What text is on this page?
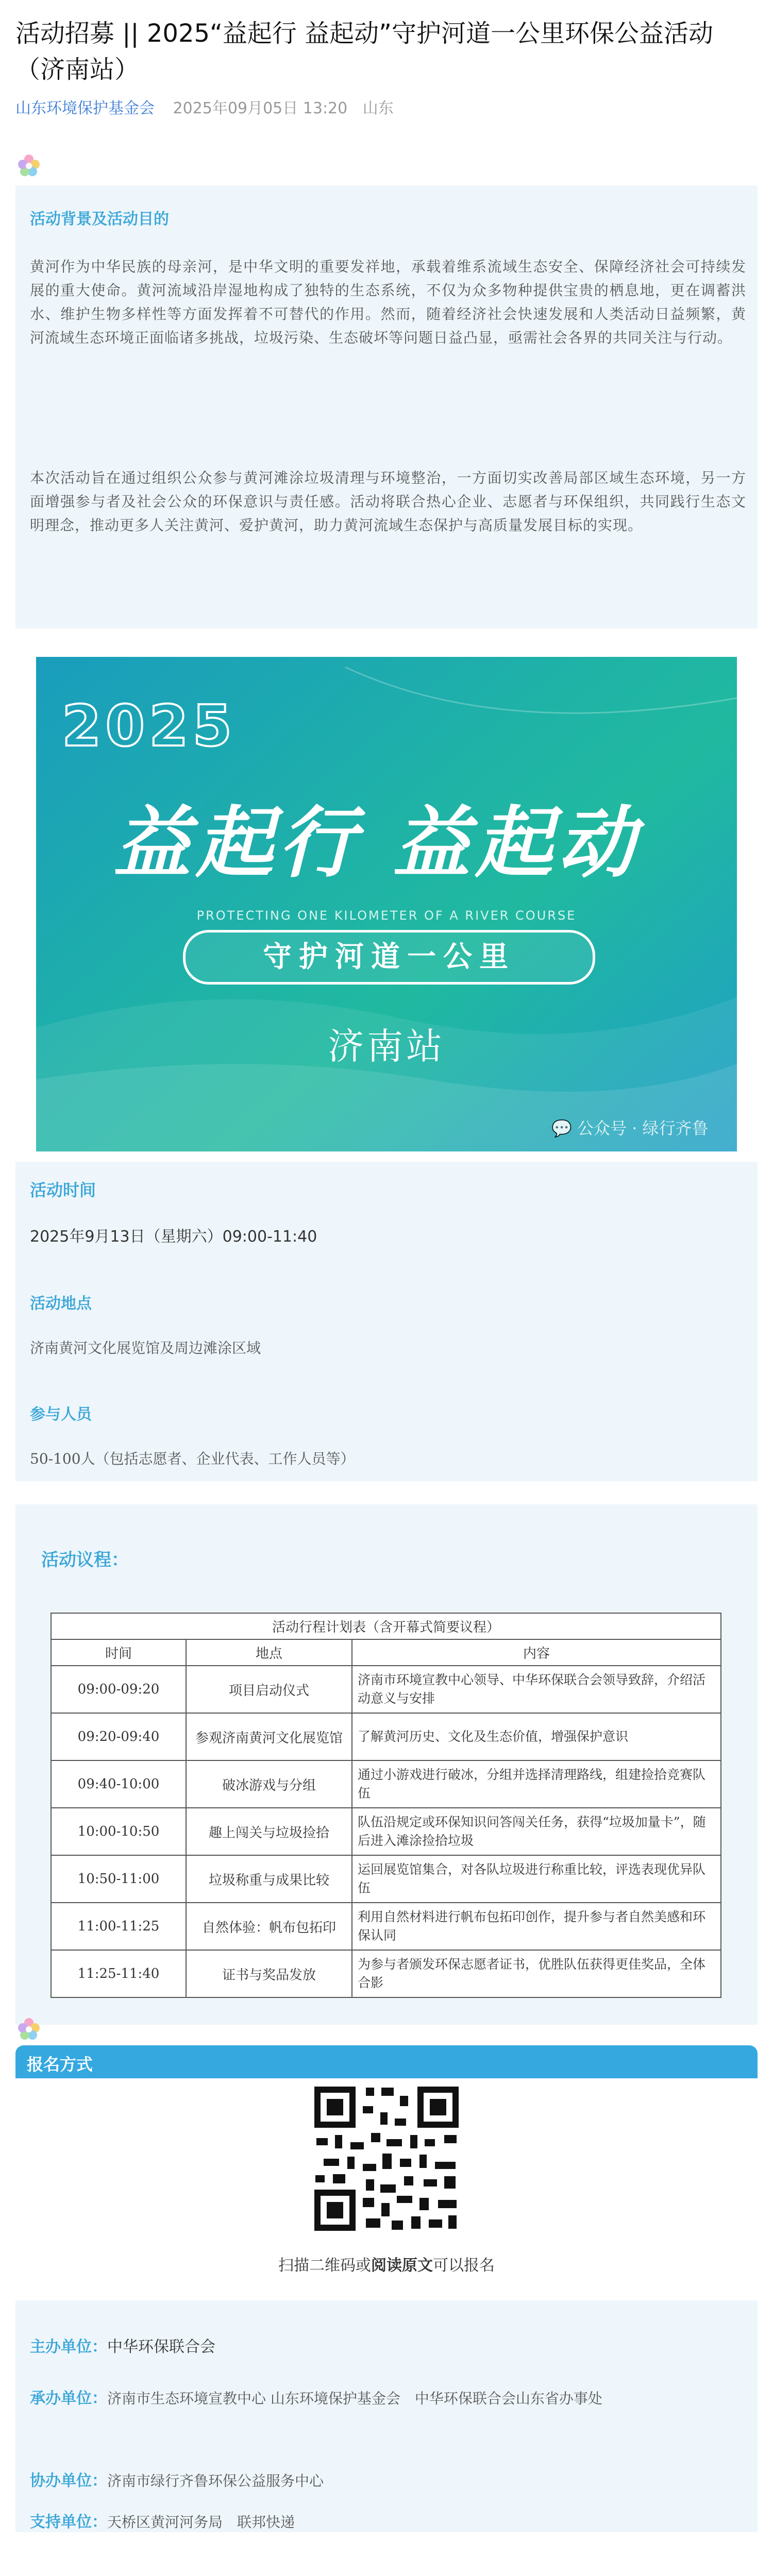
活动招募 || 2025“益起行 益起动”守护河道一公里环保公益活动（济南站）
山东环境保护基金会 2025年09月05日 13:20 山东
活动背景及活动目的

黄河作为中华民族的母亲河，是中华文明的重要发祥地，承载着维系流域生态安全、保障经济社会可持续发展的重大使命。黄河流域沿岸湿地构成了独特的生态系统，不仅为众多物种提供宝贵的栖息地，更在调蓄洪水、维护生物多样性等方面发挥着不可替代的作用。然而，随着经济社会快速发展和人类活动日益频繁，黄河流域生态环境正面临诸多挑战，垃圾污染、生态破坏等问题日益凸显，亟需社会各界的共同关注与行动。

本次活动旨在通过组织公众参与黄河滩涂垃圾清理与环境整治，一方面切实改善局部区域生态环境，另一方面增强参与者及社会公众的环保意识与责任感。活动将联合热心企业、志愿者与环保组织，共同践行生态文明理念，推动更多人关注黄河、爱护黄河，助力黄河流域生态保护与高质量发展目标的实现。

2025
益起行 益起动
PROTECTING ONE KILOMETER OF A RIVER COURSE
守护河道一公里
济南站
💬 公众号 · 绿行齐鲁
活动时间
2025年9月13日（星期六）09:00-11:40
活动地点
济南黄河文化展览馆及周边滩涂区域
参与人员
50-100人（包括志愿者、企业代表、工作人员等）
活动议程：
活动行程计划表（含开幕式简要议程）		
时间	地点	内容
09:00-09:20	项目启动仪式	济南市环境宣教中心领导、中华环保联合会领导致辞，介绍活动意义与安排
09:20-09:40	参观济南黄河文化展览馆	了解黄河历史、文化及生态价值，增强保护意识
09:40-10:00	破冰游戏与分组	通过小游戏进行破冰，分组并选择清理路线，组建捡拾竞赛队伍
10:00-10:50	趣上闯关与垃圾捡拾	队伍沿规定或环保知识问答闯关任务，获得“垃圾加量卡”，随后进入滩涂捡拾垃圾
10:50-11:00	垃圾称重与成果比较	运回展览馆集合，对各队垃圾进行称重比较，评选表现优异队伍
11:00-11:25	自然体验：帆布包拓印	利用自然材料进行帆布包拓印创作，提升参与者自然美感和环保认同
11:25-11:40	证书与奖品发放	为参与者颁发环保志愿者证书，优胜队伍获得更佳奖品，全体合影
报名方式
扫描二维码或阅读原文可以报名
主办单位：中华环保联合会
承办单位：济南市生态环境宣教中心 山东环境保护基金会　中华环保联合会山东省办事处
协办单位：济南市绿行齐鲁环保公益服务中心
支持单位：天桥区黄河河务局　联邦快递
